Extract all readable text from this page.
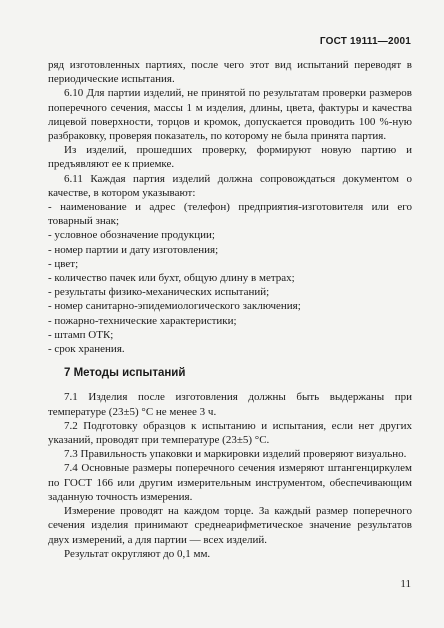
ГОСТ 19111—2001

ряд изготовленных партиях, после чего этот вид испытаний переводят в периодические испытания.

6.10 Для партии изделий, не принятой по результатам проверки размеров поперечного сечения, массы 1 м изделия, длины, цвета, фактуры и качества лицевой поверхности, торцов и кромок, допускается проводить 100 %-ную разбраковку, проверяя показатель, по которому не была принята партия.

Из изделий, прошедших проверку, формируют новую партию и предъявляют ее к приемке.

6.11 Каждая партия изделий должна сопровождаться документом о качестве, в котором указывают:

- наименование и адрес (телефон) предприятия-изготовителя или его товарный знак;

- условное обозначение продукции;

- номер партии и дату изготовления;

- цвет;

- количество пачек или бухт, общую длину в метрах;

- результаты физико-механических испытаний;

- номер санитарно-эпидемиологического заключения;

- пожарно-технические характеристики;

- штамп ОТК;

- срок хранения.

7 Методы испытаний

7.1 Изделия после изготовления должны быть выдержаны при температуре (23±5) °С не менее 3 ч.

7.2 Подготовку образцов к испытанию и испытания, если нет других указаний, проводят при температуре (23±5) °С.

7.3 Правильность упаковки и маркировки изделий проверяют визуально.

7.4 Основные размеры поперечного сечения измеряют штангенциркулем по ГОСТ 166 или другим измерительным инструментом, обеспечивающим заданную точность измерения.

Измерение проводят на каждом торце. За каждый размер поперечного сечения изделия принимают среднеарифметическое значение результатов двух измерений, а для партии — всех изделий.

Результат округляют до 0,1 мм.

11
